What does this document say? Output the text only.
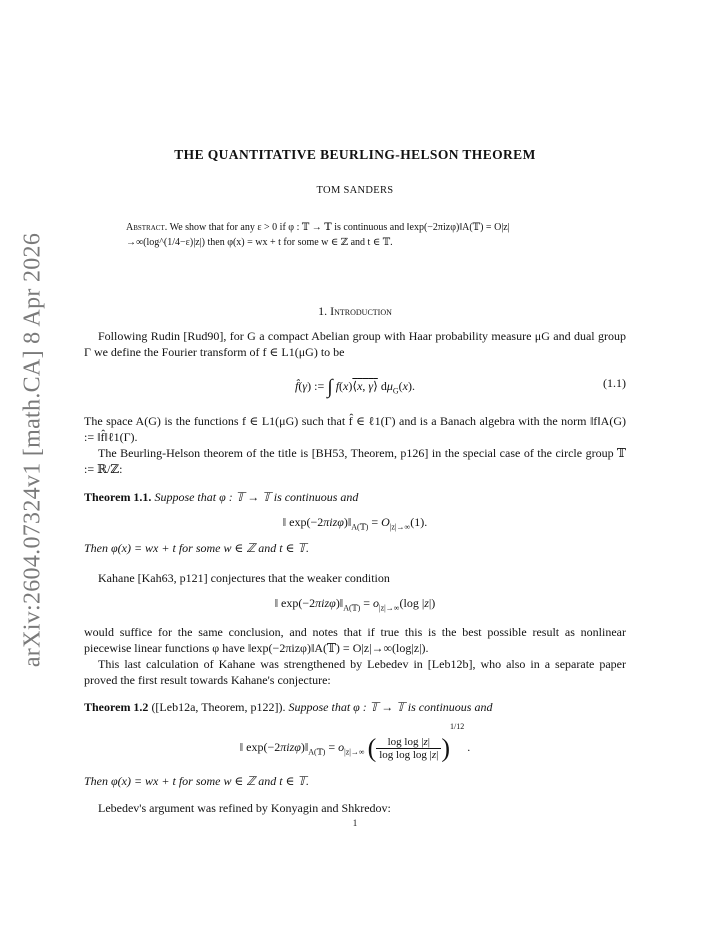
arXiv:2604.07324v1 [math.CA] 8 Apr 2026
THE QUANTITATIVE BEURLING-HELSON THEOREM
TOM SANDERS
Abstract. We show that for any ε > 0 if φ : 𝕋 → 𝕋 is continuous and ‖exp(−2πizφ)‖A(𝕋) = O|z|→∞(log^(1/4−ε)|z|) then φ(x) = wx + t for some w ∈ ℤ and t ∈ 𝕋.
1. Introduction
Following Rudin [Rud90], for G a compact Abelian group with Haar probability measure μG and dual group Γ we define the Fourier transform of f ∈ L1(μG) to be
f̂(γ) := ∫ f(x)⟨x, γ⟩ $d\mu_G(x)$.	(1.1)
The space A(G) is the functions f ∈ L1(μG) such that f̂ ∈ ℓ1(Γ) and is a Banach algebra with the norm ‖f‖A(G) := ‖f̂‖ℓ1(Γ).
The Beurling-Helson theorem of the title is [BH53, Theorem, p126] in the special case of the circle group 𝕋 := ℝ/ℤ:
Theorem 1.1. Suppose that φ : 𝕋 → 𝕋 is continuous and
‖ $\exp(-2\pi iz\varphi)‖_{A(𝕋)} = O_{|z|\to\infty}(1)$.
Then φ(x) = wx + t for some w ∈ ℤ and t ∈ 𝕋.
Kahane [Kah63, p121] conjectures that the weaker condition
‖ $\exp(-2\pi iz\varphi)‖_{A(𝕋)} = o_{|z|\to\infty}(\log$ |z|)
would suffice for the same conclusion, and notes that if true this is the best possible result as nonlinear piecewise linear functions φ have ‖exp(−2πizφ)‖A(𝕋) = O|z|→∞(log|z|).
This last calculation of Kahane was strengthened by Lebedev in [Leb12b], who also in a separate paper proved the first result towards Kahane's conjecture:
Theorem 1.2 ([Leb12a, Theorem, p122]). Suppose that φ : 𝕋 → 𝕋 is continuous and
‖ $\exp(-2\pi iz\varphi)‖_{A(𝕋)} = o_{|z|\to\infty}$ ( $\frac{\text{log log |z|}}{\text{log log log |z|}} )^{1/12}$ .
Then φ(x) = wx + t for some w ∈ ℤ and t ∈ 𝕋.
Lebedev's argument was refined by Konyagin and Shkredov:
1
